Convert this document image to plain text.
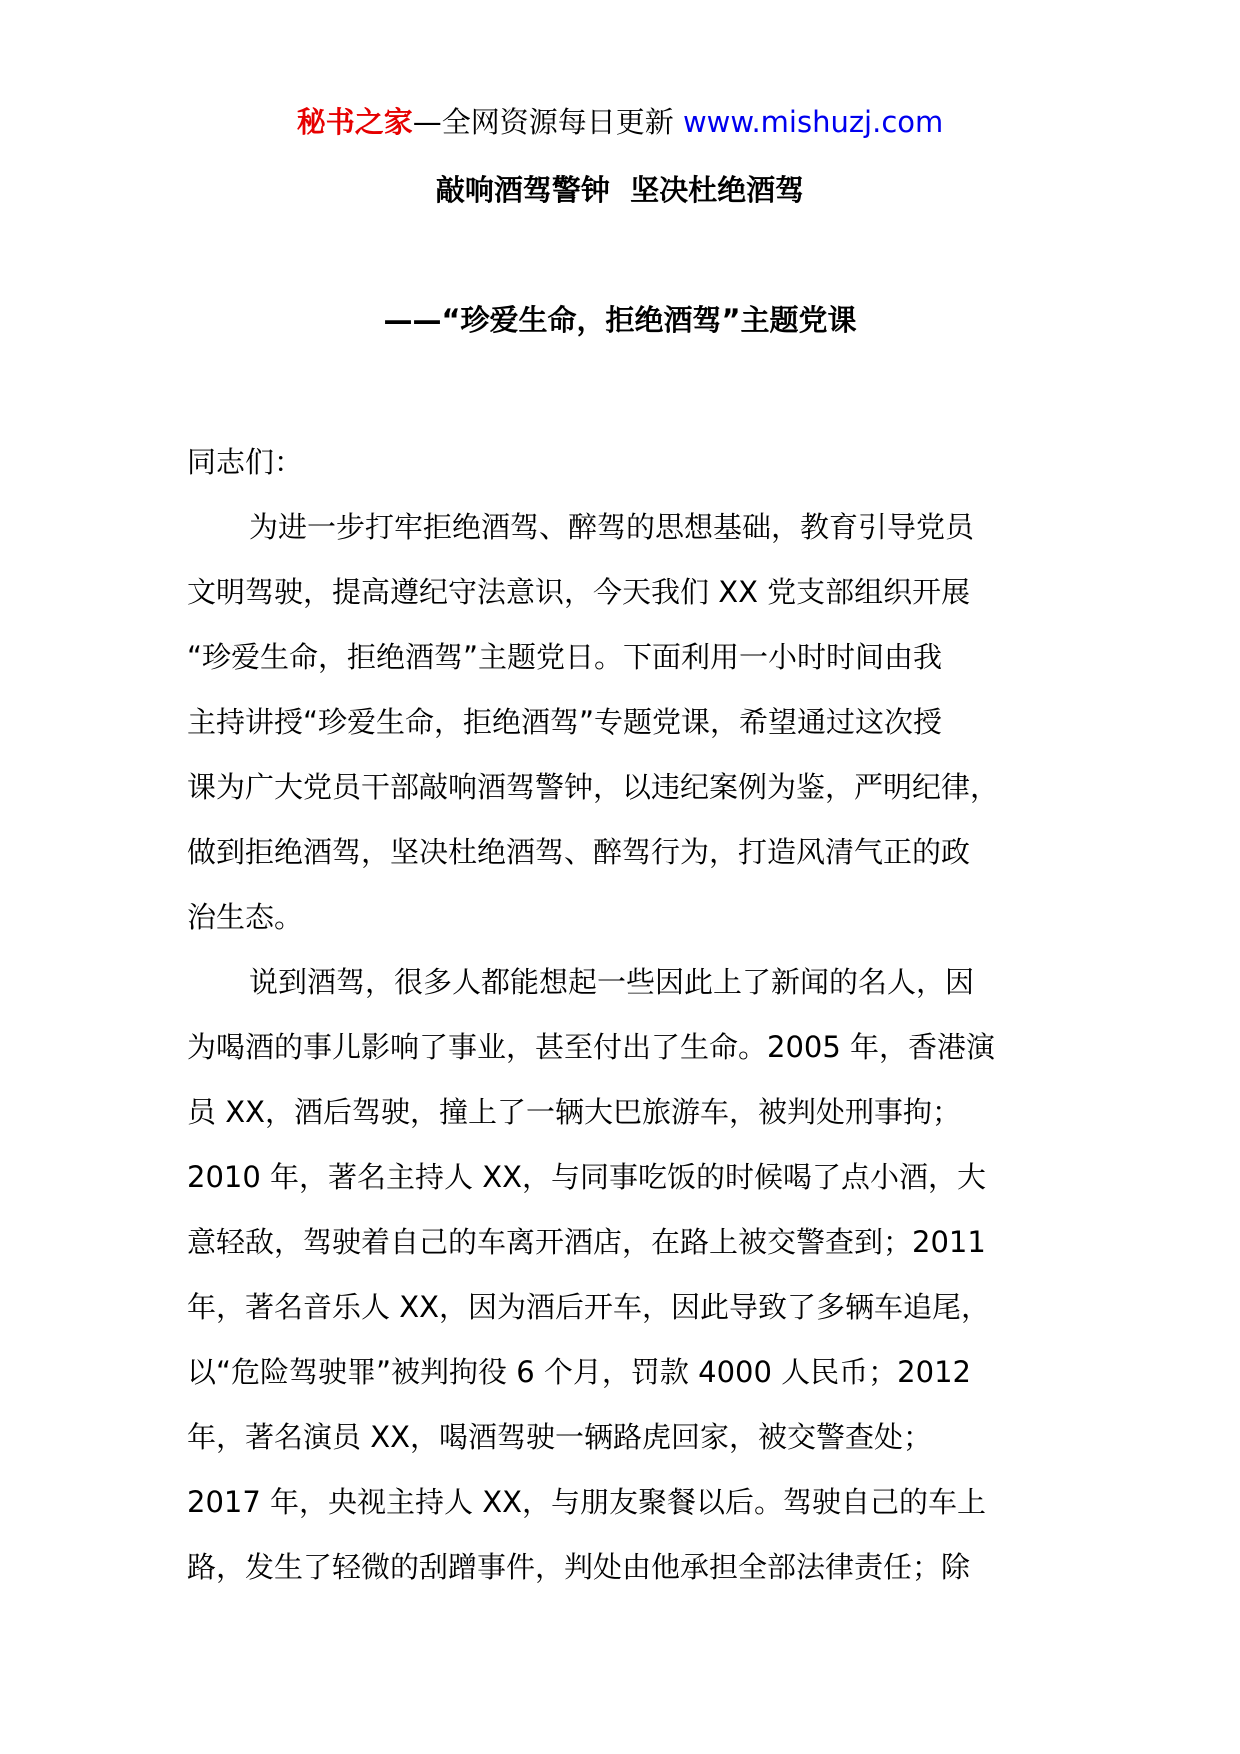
秘书之家—全网资源每日更新 www.mishuzj.com
敲响酒驾警钟  坚决杜绝酒驾
——“珍爱生命，拒绝酒驾”主题党课
同志们：
为进一步打牢拒绝酒驾、醉驾的思想基础，教育引导党员
文明驾驶，提高遵纪守法意识，今天我们 XX 党支部组织开展
“珍爱生命，拒绝酒驾”主题党日。下面利用一小时时间由我
主持讲授“珍爱生命，拒绝酒驾”专题党课，希望通过这次授
课为广大党员干部敲响酒驾警钟，以违纪案例为鉴，严明纪律，
做到拒绝酒驾，坚决杜绝酒驾、醉驾行为，打造风清气正的政
治生态。
说到酒驾，很多人都能想起一些因此上了新闻的名人，因
为喝酒的事儿影响了事业，甚至付出了生命。2005 年，香港演
员 XX，酒后驾驶，撞上了一辆大巴旅游车，被判处刑事拘；
2010 年，著名主持人 XX，与同事吃饭的时候喝了点小酒，大
意轻敌，驾驶着自己的车离开酒店，在路上被交警查到；2011
年，著名音乐人 XX，因为酒后开车，因此导致了多辆车追尾，
以“危险驾驶罪”被判拘役 6 个月，罚款 4000 人民币；2012
年，著名演员 XX，喝酒驾驶一辆路虎回家，被交警查处；
2017 年，央视主持人 XX，与朋友聚餐以后。驾驶自己的车上
路，发生了轻微的刮蹭事件，判处由他承担全部法律责任；除
